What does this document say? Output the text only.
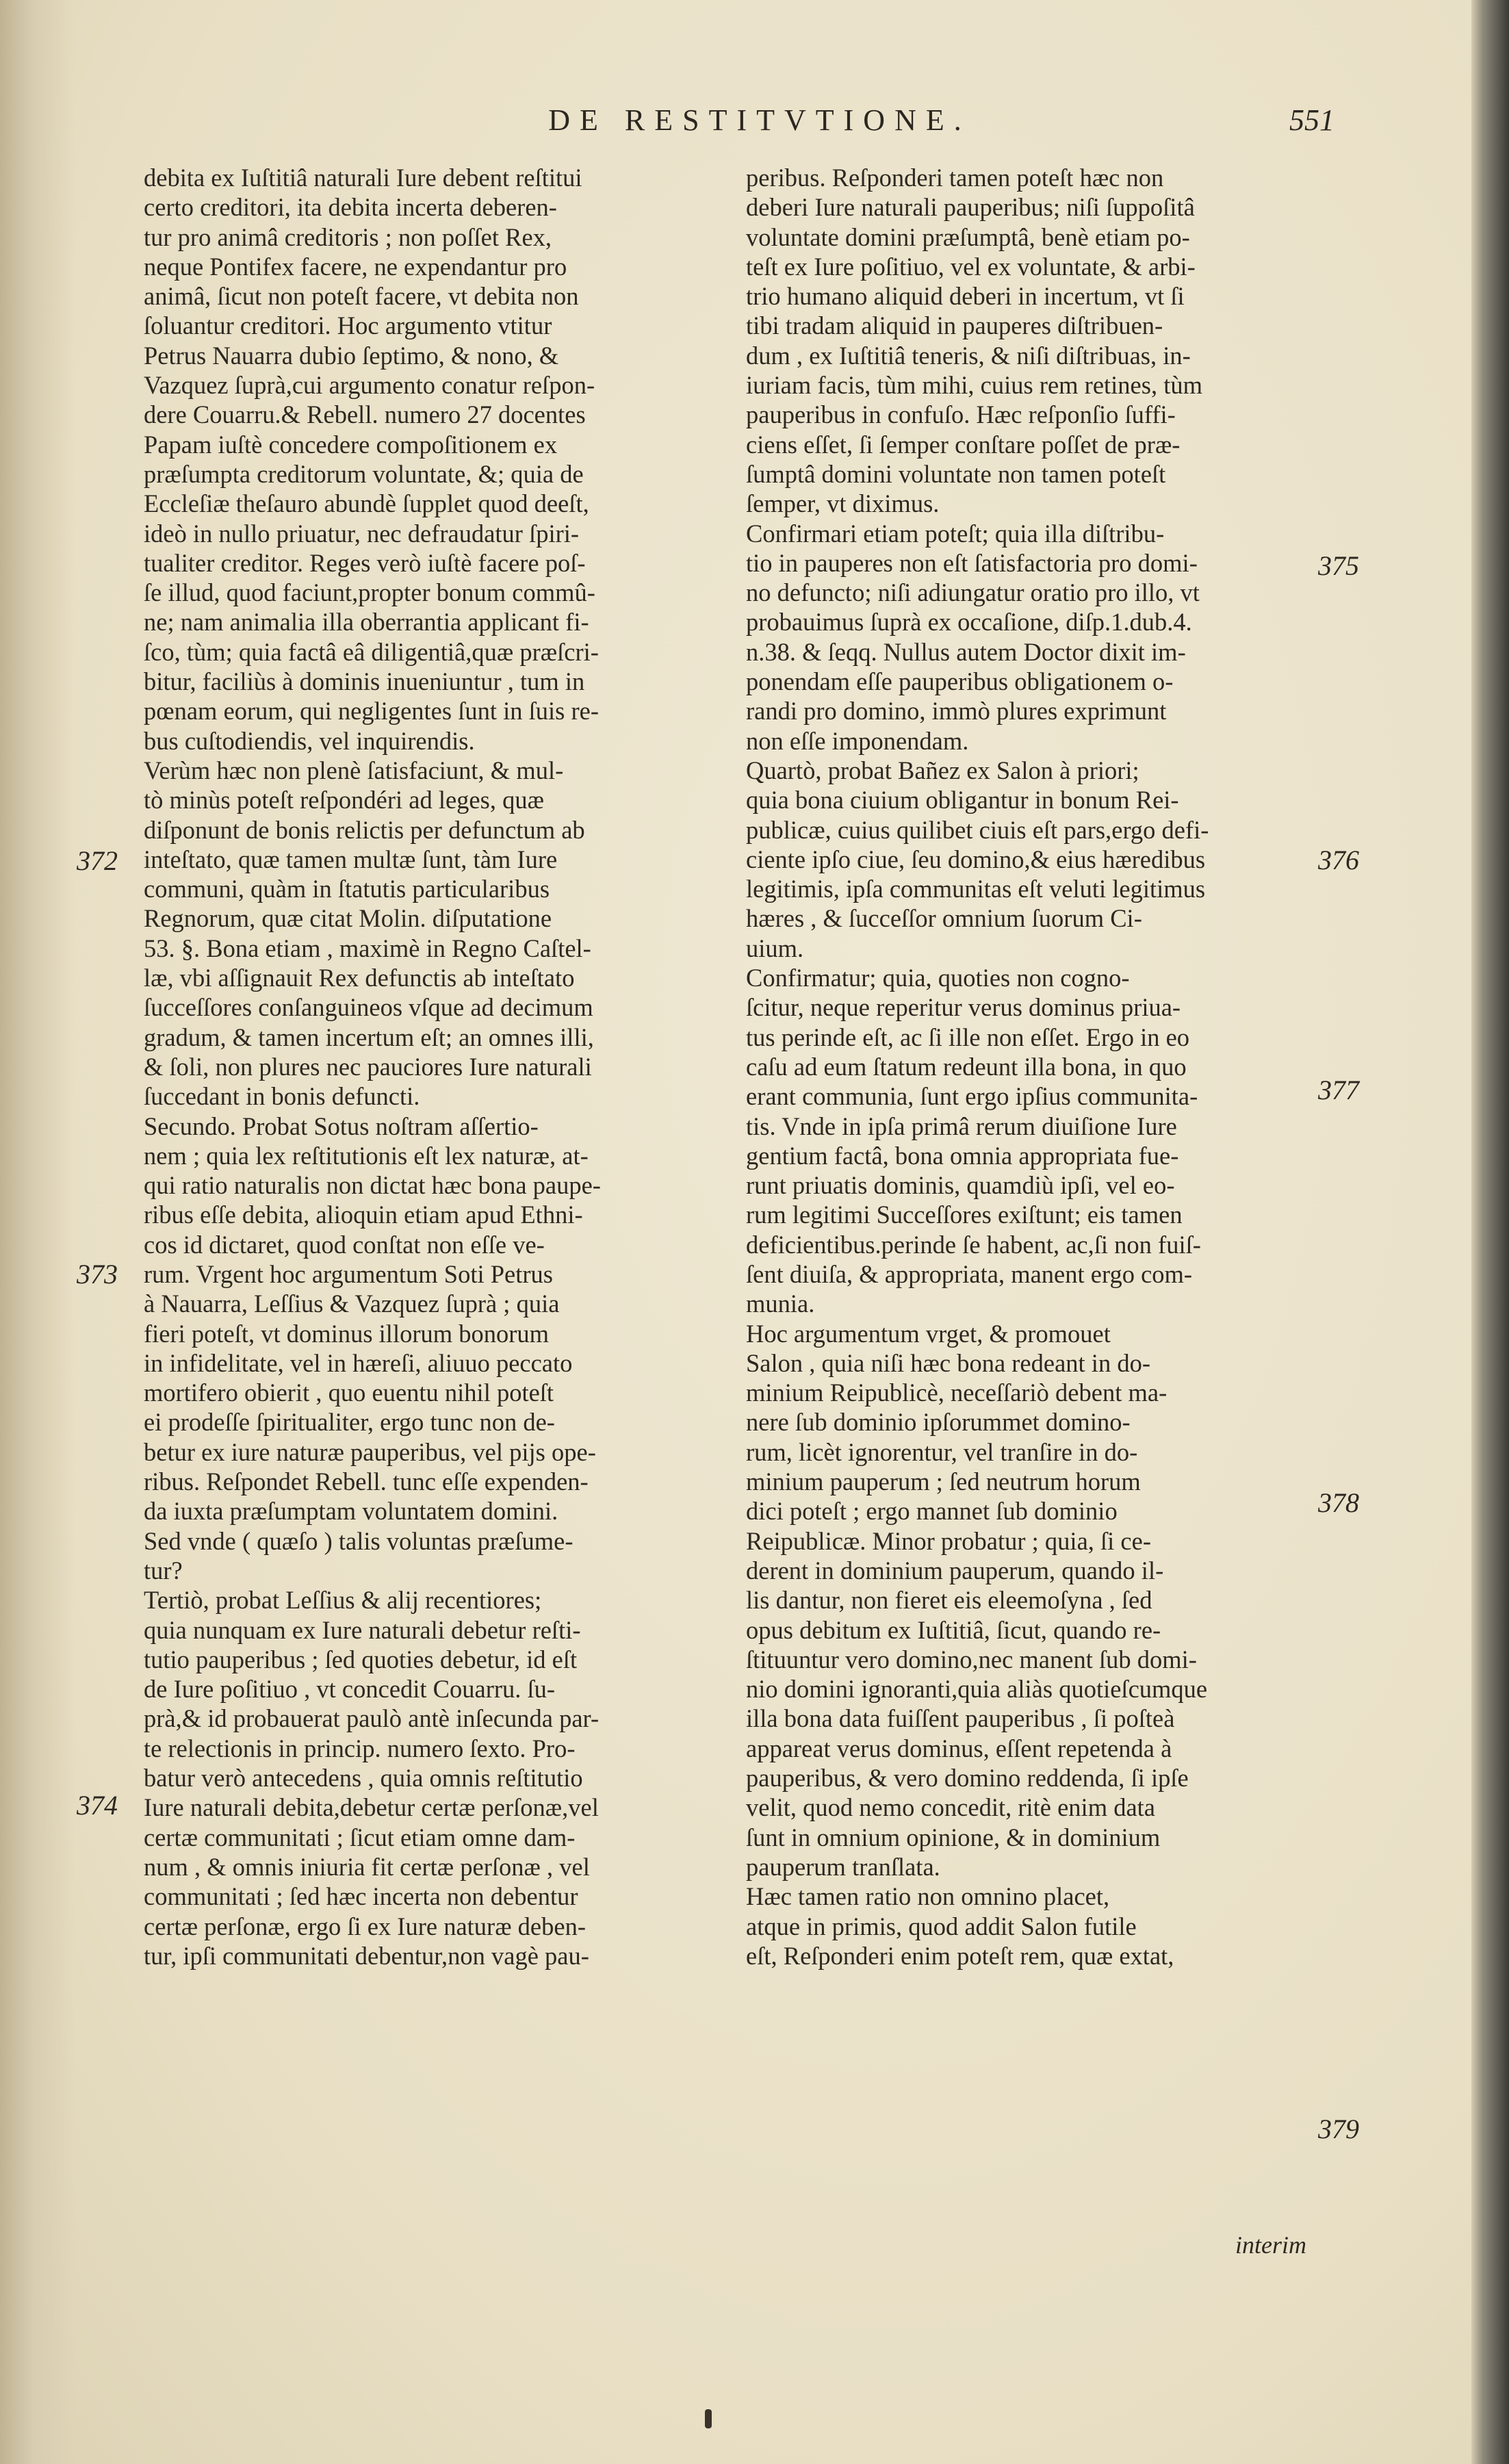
DE RESTITVTIONE.	551
debita ex Iuſtitiâ naturali Iure debent reſtitui
certo creditori, ita debita incerta deberen-
tur pro animâ creditoris ; non poſſet Rex,
neque Pontifex facere, ne expendantur pro
animâ, ſicut non poteſt facere, vt debita non
ſoluantur creditori. Hoc argumento vtitur
Petrus Nauarra dubio ſeptimo, & nono, &
Vazquez ſuprà,cui argumento conatur reſpon-
dere Couarru.& Rebell. numero 27 docentes
Papam iuſtè concedere compoſitionem ex
præſumpta creditorum voluntate, &; quia de
Eccleſiæ theſauro abundè ſupplet quod deeſt,
ideò in nullo priuatur, nec defraudatur ſpiri-
tualiter creditor. Reges verò iuſtè facere poſ-
ſe illud, quod faciunt,propter bonum commû-
ne; nam animalia illa oberrantia applicant fi-
ſco, tùm; quia factâ eâ diligentiâ,quæ præſcri-
bitur, faciliùs à dominis inueniuntur , tum in
pœnam eorum, qui negligentes ſunt in ſuis re-
bus cuſtodiendis, vel inquirendis.
Verùm hæc non plenè ſatisfaciunt, & mul-
tò minùs poteſt reſpondéri ad leges, quæ
diſponunt de bonis relictis per defunctum ab
inteſtato, quæ tamen multæ ſunt, tàm Iure
communi, quàm in ſtatutis particularibus
Regnorum, quæ citat Molin. diſputatione
53. §. Bona etiam , maximè in Regno Caſtel-
læ, vbi aſſignauit Rex defunctis ab inteſtato
ſucceſſores conſanguineos vſque ad decimum
gradum, & tamen incertum eſt; an omnes illi,
& ſoli, non plures nec pauciores Iure naturali
ſuccedant in bonis defuncti.
Secundo. Probat Sotus noſtram aſſertio-
nem ; quia lex reſtitutionis eſt lex naturæ, at-
qui ratio naturalis non dictat hæc bona paupe-
ribus eſſe debita, alioquin etiam apud Ethni-
cos id dictaret, quod conſtat non eſſe ve-
rum. Vrgent hoc argumentum Soti Petrus
à Nauarra, Leſſius & Vazquez ſuprà ; quia
fieri poteſt, vt dominus illorum bonorum
in infidelitate, vel in hæreſi, aliuuo peccato
mortifero obierit , quo euentu nihil poteſt
ei prodeſſe ſpiritualiter, ergo tunc non de-
betur ex iure naturæ pauperibus, vel pijs ope-
ribus. Reſpondet Rebell. tunc eſſe expenden-
da iuxta præſumptam voluntatem domini.
Sed vnde ( quæſo ) talis voluntas præſume-
tur?
Tertiò, probat Leſſius & alij recentiores;
quia nunquam ex Iure naturali debetur reſti-
tutio pauperibus ; ſed quoties debetur, id eſt
de Iure poſitiuo , vt concedit Couarru. ſu-
prà,& id probauerat paulò antè inſecunda par-
te relectionis in princip. numero ſexto. Pro-
batur verò antecedens , quia omnis reſtitutio
Iure naturali debita,debetur certæ perſonæ,vel
certæ communitati ; ſicut etiam omne dam-
num , & omnis iniuria fit certæ perſonæ , vel
communitati ; ſed hæc incerta non debentur
certæ perſonæ, ergo ſi ex Iure naturæ deben-
tur, ipſi communitati debentur,non vagè pau-
peribus. Reſponderi tamen poteſt hæc non
deberi Iure naturali pauperibus; niſi ſuppoſitâ
voluntate domini præſumptâ, benè etiam po-
teſt ex Iure poſitiuo, vel ex voluntate, & arbi-
trio humano aliquid deberi in incertum, vt ſi
tibi tradam aliquid in pauperes diſtribuen-
dum , ex Iuſtitiâ teneris, & niſi diſtribuas, in-
iuriam facis, tùm mihi, cuius rem retines, tùm
pauperibus in confuſo. Hæc reſponſio ſuffi-
ciens eſſet, ſi ſemper conſtare poſſet de præ-
ſumptâ domini voluntate non tamen poteſt
ſemper, vt diximus.
Confirmari etiam poteſt; quia illa diſtribu-
tio in pauperes non eſt ſatisfactoria pro domi-
no defuncto; niſi adiungatur oratio pro illo, vt
probauimus ſuprà ex occaſione, diſp.1.dub.4.
n.38. & ſeqq. Nullus autem Doctor dixit im-
ponendam eſſe pauperibus obligationem o-
randi pro domino, immò plures exprimunt
non eſſe imponendam.
Quartò, probat Bañez ex Salon à priori;
quia bona ciuium obligantur in bonum Rei-
publicæ, cuius quilibet ciuis eſt pars,ergo defi-
ciente ipſo ciue, ſeu domino,& eius hæredibus
legitimis, ipſa communitas eſt veluti legitimus
hæres , & ſucceſſor omnium ſuorum Ci-
uium.
Confirmatur; quia, quoties non cogno-
ſcitur, neque reperitur verus dominus priua-
tus perinde eſt, ac ſi ille non eſſet. Ergo in eo
caſu ad eum ſtatum redeunt illa bona, in quo
erant communia, ſunt ergo ipſius communita-
tis. Vnde in ipſa primâ rerum diuiſione Iure
gentium factâ, bona omnia appropriata fue-
runt priuatis dominis, quamdiù ipſi, vel eo-
rum legitimi Succeſſores exiſtunt; eis tamen
deficientibus.perinde ſe habent, ac,ſi non fuiſ-
ſent diuiſa, & appropriata, manent ergo com-
munia.
Hoc argumentum vrget, & promouet
Salon , quia niſi hæc bona redeant in do-
minium Reipublicè, neceſſariò debent ma-
nere ſub dominio ipſorummet domino-
rum, licèt ignorentur, vel tranſire in do-
minium pauperum ; ſed neutrum horum
dici poteſt ; ergo mannet ſub dominio
Reipublicæ. Minor probatur ; quia, ſi ce-
derent in dominium pauperum, quando il-
lis dantur, non fieret eis eleemoſyna , ſed
opus debitum ex Iuſtitiâ, ſicut, quando re-
ſtituuntur vero domino,nec manent ſub domi-
nio domini ignoranti,quia aliàs quotieſcumque
illa bona data fuiſſent pauperibus , ſi poſteà
appareat verus dominus, eſſent repetenda à
pauperibus, & vero domino reddenda, ſi ipſe
velit, quod nemo concedit, ritè enim data
ſunt in omnium opinione, & in dominium
pauperum tranſlata.
Hæc tamen ratio non omnino placet,
atque in primis, quod addit Salon futile
eſt, Reſponderi enim poteſt rem, quæ extat,
372
373
374
375
376
377
378
379
interim
